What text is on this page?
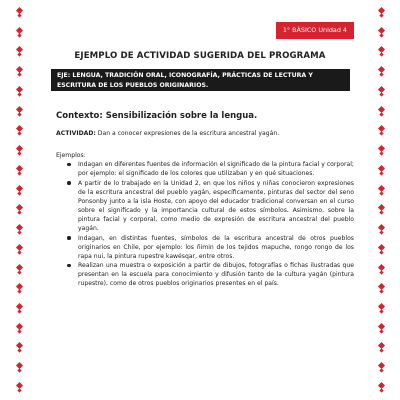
1° BÁSICO Unidad 4
EJEMPLO DE ACTIVIDAD SUGERIDA DEL PROGRAMA
EJE: LENGUA, TRADICIÓN ORAL, ICONOGRAFÍA, PRÁCTICAS DE LECTURA Y ESCRITURA DE LOS PUEBLOS ORIGINARIOS.
Contexto: Sensibilización sobre la lengua.
ACTIVIDAD: Dan a conocer expresiones de la escritura ancestral yagán.
Ejemplos:
Indagan en diferentes fuentes de información el significado de la pintura facial y corporal; por ejemplo: el significado de los colores que utilizaban y en qué situaciones.
A partir de lo trabajado en la Unidad 2, en que los niños y niñas conocieron expresiones de la escritura ancestral del pueblo yagán, específicamente, pinturas del sector del seno Ponsonby junto a la isla Hoste, con apoyo del educador tradicional conversan en el curso sobre el significado y la importancia cultural de estos símbolos. Asimismo, sobre la pintura facial y corporal, como medio de expresión de escritura ancestral del pueblo yagán.
Indagan, en distintas fuentes, símbolos de la escritura ancestral de otros pueblos originarios en Chile, por ejemplo: los ñimin de los tejidos mapuche, rongo rongo de los rapa nui, la pintura rupestre kawésqar, entre otros.
Realizan una muestra o exposición a partir de dibujos, fotografías o fichas ilustradas que presentan en la escuela para conocimiento y difusión tanto de la cultura yagán (pintura rupestre), como de otros pueblos originarios presentes en el país.
